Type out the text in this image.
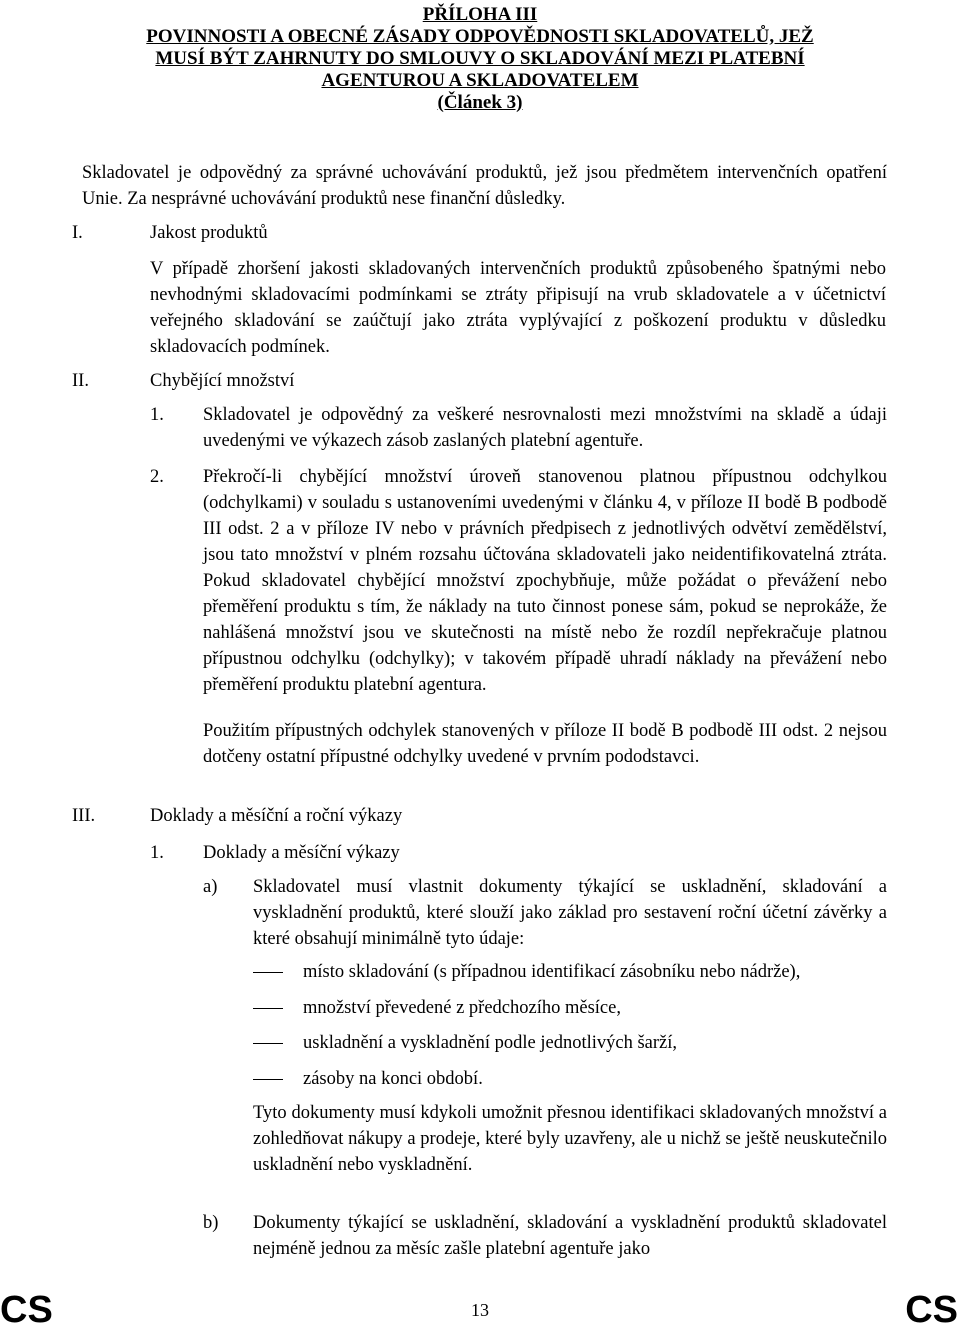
PŘÍLOHA III
POVINNOSTI A OBECNÉ ZÁSADY ODPOVĚDNOSTI SKLADOVATELŮ, JEŽ
MUSÍ BÝT ZAHRNUTY DO SMLOUVY O SKLADOVÁNÍ MEZI PLATEBNÍ
AGENTUROU A SKLADOVATELEM
(Článek 3)
Skladovatel je odpovědný za správné uchovávání produktů, jež jsou předmětem intervenčních opatření Unie. Za nesprávné uchovávání produktů nese finanční důsledky.
I.	Jakost produktů
V případě zhoršení jakosti skladovaných intervenčních produktů způsobeného špatnými nebo nevhodnými skladovacími podmínkami se ztráty připisují na vrub skladovatele a v účetnictví veřejného skladování se zaúčtují jako ztráta vyplývající z poškození produktu v důsledku skladovacích podmínek.
II.	Chybějící množství
1. Skladovatel je odpovědný za veškeré nesrovnalosti mezi množstvími na skladě a údaji uvedenými ve výkazech zásob zaslaných platební agentuře.
2. Překročí-li chybějící množství úroveň stanovenou platnou přípustnou odchylkou (odchylkami) v souladu s ustanoveními uvedenými v článku 4, v příloze II bodě B podbodě III odst. 2 a v příloze IV nebo v právních předpisech z jednotlivých odvětví zemědělství, jsou tato množství v plném rozsahu účtována skladovateli jako neidentifikovatelná ztráta. Pokud skladovatel chybějící množství zpochybňuje, může požádat o převážení nebo přeměření produktu s tím, že náklady na tuto činnost ponese sám, pokud se neprokáže, že nahlášená množství jsou ve skutečnosti na místě nebo že rozdíl nepřekračuje platnou přípustnou odchylku (odchylky); v takovém případě uhradí náklady na převážení nebo přeměření produktu platební agentura.
Použitím přípustných odchylek stanovených v příloze II bodě B podbodě III odst. 2 nejsou dotčeny ostatní přípustné odchylky uvedené v prvním pododstavci.
III.	Doklady a měsíční a roční výkazy
1. Doklady a měsíční výkazy
a) Skladovatel musí vlastnit dokumenty týkající se uskladnění, skladování a vyskladnění produktů, které slouží jako základ pro sestavení roční účetní závěrky a které obsahují minimálně tyto údaje:
místo skladování (s případnou identifikací zásobníku nebo nádrže),
množství převedené z předchozího měsíce,
uskladnění a vyskladnění podle jednotlivých šarží,
zásoby na konci období.
Tyto dokumenty musí kdykoli umožnit přesnou identifikaci skladovaných množství a zohledňovat nákupy a prodeje, které byly uzavřeny, ale u nichž se ještě neuskutečnilo uskladnění nebo vyskladnění.
b) Dokumenty týkající se uskladnění, skladování a vyskladnění produktů skladovatel nejméně jednou za měsíc zašle platební agentuře jako
CS	13	CS
